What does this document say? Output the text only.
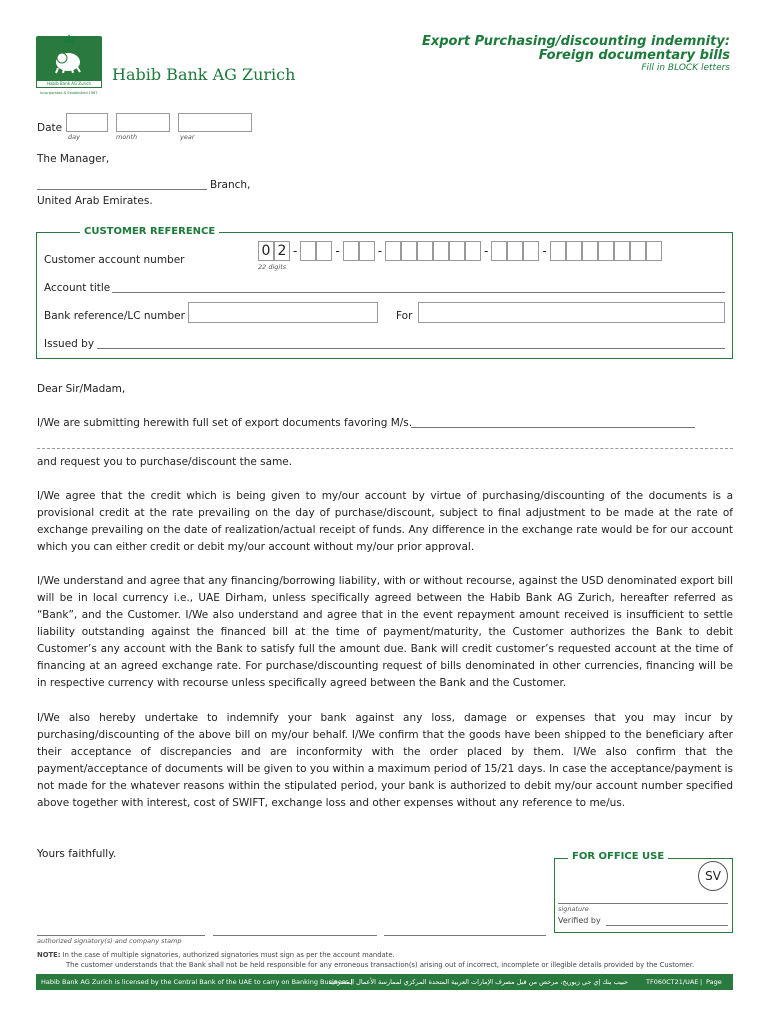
Habib Bank AG Zurich
Incorporated & Established 1967
Habib Bank AG Zurich
Export Purchasing/discounting indemnity:
Foreign documentary bills
Fill in BLOCK letters
Date
day	month	year
The Manager,
Branch,
United Arab Emirates.
CUSTOMER REFERENCE
Customer account number
0 2 -	-	-	-	-
22 digits
Account title
Bank reference/LC number	For
Issued by
Dear Sir/Madam,
I/We are submitting herewith full set of export documents favoring M/s.
and request you to purchase/discount the same.
I/We agree that the credit which is being given to my/our account by virtue of purchasing/discounting of the documents is a provisional credit at the rate prevailing on the day of purchase/discount, subject to final adjustment to be made at the rate of exchange prevailing on the date of realization/actual receipt of funds. Any difference in the exchange rate would be for our account which you can either credit or debit my/our account without my/our prior approval.
I/We understand and agree that any financing/borrowing liability, with or without recourse, against the USD denominated export bill will be in local currency i.e., UAE Dirham, unless specifically agreed between the Habib Bank AG Zurich, hereafter referred as “Bank”, and the Customer. I/We also understand and agree that in the event repayment amount received is insufficient to settle liability outstanding against the financed bill at the time of payment/maturity, the Customer authorizes the Bank to debit Customer’s any account with the Bank to satisfy full the amount due. Bank will credit customer’s requested account at the time of financing at an agreed exchange rate. For purchase/discounting request of bills denominated in other currencies, financing will be in respective currency with recourse unless specifically agreed between the Bank and the Customer.
I/We also hereby undertake to indemnify your bank against any loss, damage or expenses that you may incur by purchasing/discounting of the above bill on my/our behalf. I/We confirm that the goods have been shipped to the beneficiary after their acceptance of discrepancies and are inconformity with the order placed by them. I/We also confirm that the payment/acceptance of documents will be given to you within a maximum period of 15/21 days. In case the acceptance/payment is not made for the whatever reasons within the stipulated period, your bank is authorized to debit my/our account number specified above together with interest, cost of SWIFT, exchange loss and other expenses without any reference to me/us.
Yours faithfully.	FOR OFFICE USE
SV
signature
Verified by
authorized signatory(s) and company stamp
NOTE: In the case of multiple signatories, authorized signatories must sign as per the account mandate.
The customer understands that the Bank shall not be held responsible for any erroneous transaction(s) arising out of incorrect, incomplete or illegible details provided by the Customer.
Habib Bank AG Zurich is licensed by the Central Bank of the UAE to carry on Banking Business |
حبيب بنك إي جي زيوريخ، مرخص من قبل مصرف الإمارات العربية المتحدة المركزي لممارسة الأعمال المصرفية	TF060CT21/UAE | Page 1/1
